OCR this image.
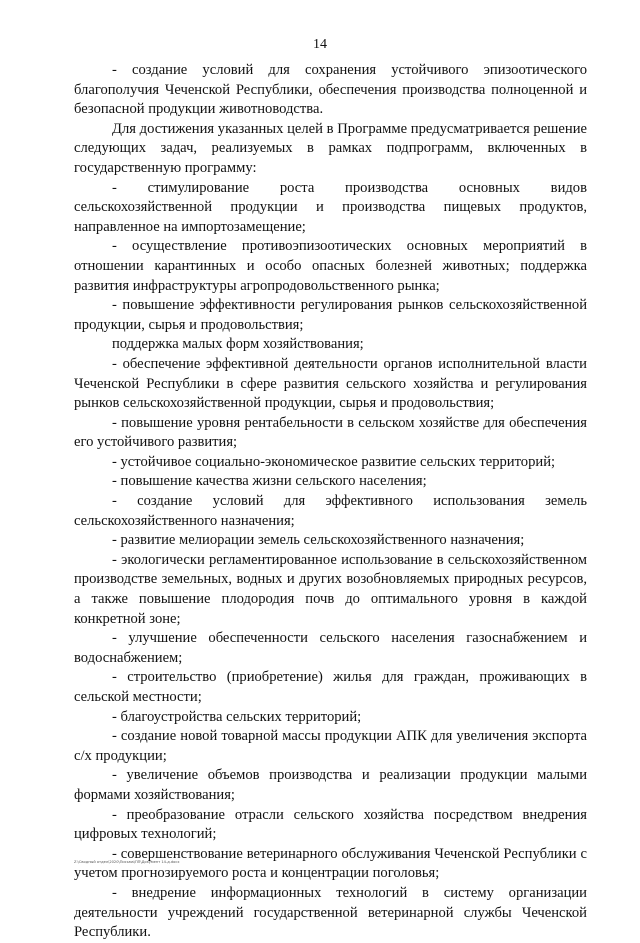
14

- создание условий для сохранения устойчивого эпизоотического благополучия Чеченской Республики, обеспечения производства полноценной и безопасной продукции животноводства.

Для достижения указанных целей в Программе предусматривается решение следующих задач, реализуемых в рамках подпрограмм, включенных в государственную программу:

- стимулирование роста производства основных видов сельскохозяйственной продукции и производства пищевых продуктов, направленное на импортозамещение;

- осуществление противоэпизоотических основных мероприятий в отношении карантинных и особо опасных болезней животных; поддержка развития инфраструктуры агропродовольственного рынка;

- повышение эффективности регулирования рынков сельскохозяйственной продукции, сырья и продовольствия;

поддержка малых форм хозяйствования;

- обеспечение эффективной деятельности органов исполнительной власти Чеченской Республики в сфере развития сельского хозяйства и регулирования рынков сельскохозяйственной продукции, сырья и продовольствия;

- повышение уровня рентабельности в сельском хозяйстве для обеспечения его устойчивого развития;

- устойчивое социально-экономическое развитие сельских территорий;

- повышение качества жизни сельского населения;

- создание условий для эффективного использования земель сельскохозяйственного назначения;

- развитие мелиорации земель сельскохозяйственного назначения;

- экологически регламентированное использование в сельскохозяйственном производстве земельных, водных и других возобновляемых природных ресурсов, а также повышение плодородия почв до оптимального уровня в каждой конкретной зоне;

- улучшение обеспеченности сельского населения газоснабжением и водоснабжением;

- строительство (приобретение) жилья для граждан, проживающих в сельской местности;

- благоустройства сельских территорий;

- создание новой товарной массы продукции АПК для увеличения экспорта с/х продукции;

- увеличение объемов производства и реализации продукции малыми формами хозяйствования;

- преобразование отрасли сельского хозяйства посредством внедрения цифровых технологий;

- совершенствование ветеринарного обслуживания Чеченской Республики с учетом прогнозируемого роста и концентрации поголовья;

- внедрение информационных технологий в систему организации деятельности учреждений государственной ветеринарной службы Чеченской Республики.

Z:\Сводный отдел\2020\Письма\ПП\Документ 14-д.docx
